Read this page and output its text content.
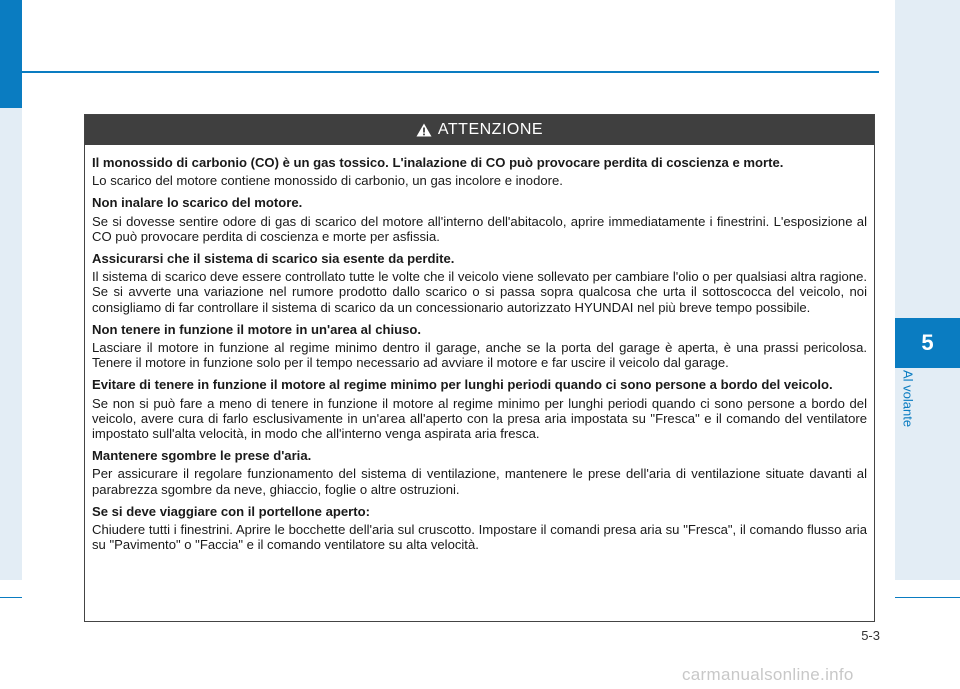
5
Al volante
ATTENZIONE

Il monossido di carbonio (CO) è un gas tossico. L'inalazione di CO può provocare perdita di coscienza e morte.

Lo scarico del motore contiene monossido di carbonio, un gas incolore e inodore.

Non inalare lo scarico del motore.

Se si dovesse sentire odore di gas di scarico del motore all'interno dell'abitacolo, aprire immediatamente i finestrini. L'esposizione al CO può provocare perdita di coscienza e morte per asfissia.

Assicurarsi che il sistema di scarico sia esente da perdite.

Il sistema di scarico deve essere controllato tutte le volte che il veicolo viene sollevato per cambiare l'olio o per qualsiasi altra ragione. Se si avverte una variazione nel rumore prodotto dallo scarico o si passa sopra qualcosa che urta il sottoscocca del veicolo, noi consigliamo di far controllare il sistema di scarico da un concessionario autorizzato HYUNDAI nel più breve tempo possibile.

Non tenere in funzione il motore in un'area al chiuso.

Lasciare il motore in funzione al regime minimo dentro il garage, anche se la porta del garage è aperta, è una prassi pericolosa. Tenere il motore in funzione solo per il tempo necessario ad avviare il motore e far uscire il veicolo dal garage.

Evitare di tenere in funzione il motore al regime minimo per lunghi periodi quando ci sono persone a bordo del veicolo.

Se non si può fare a meno di tenere in funzione il motore al regime minimo per lunghi periodi quando ci sono persone a bordo del veicolo, avere cura di farlo esclusivamente in un'area all'aperto con la presa aria impostata su "Fresca" e il comando del ventilatore impostato sull'alta velocità, in modo che all'interno venga aspirata aria fresca.

Mantenere sgombre le prese d'aria.

Per assicurare il regolare funzionamento del sistema di ventilazione, mantenere le prese dell'aria di ventilazione situate davanti al parabrezza sgombre da neve, ghiaccio, foglie o altre ostruzioni.

Se si deve viaggiare con il portellone aperto:

Chiudere tutti i finestrini. Aprire le bocchette dell'aria sul cruscotto. Impostare il comandi presa aria su "Fresca", il comando flusso aria su "Pavimento" o "Faccia" e il comando ventilatore su alta velocità.

5-3
carmanualsonline.info
